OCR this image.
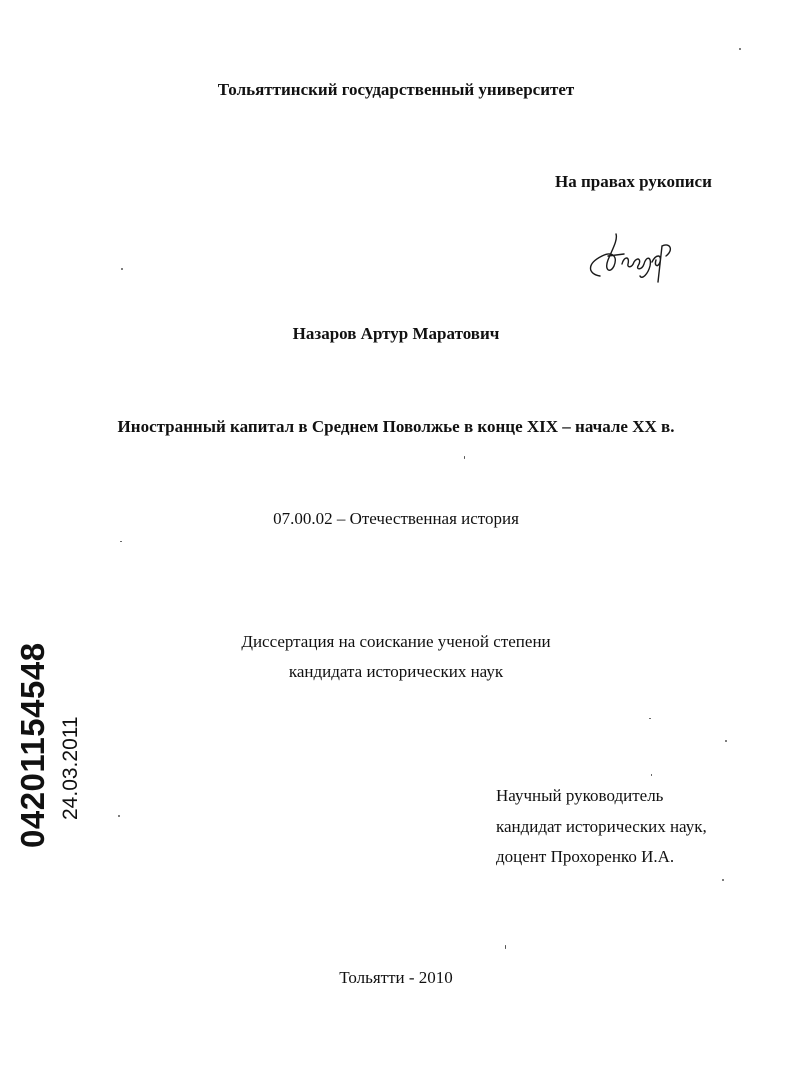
Тольяттинский государственный университет
На правах рукописи
Назаров Артур Маратович
Иностранный капитал в Среднем Поволжье в конце XIX – начале XX в.
07.00.02 – Отечественная история
Диссертация на соискание ученой степени
кандидата исторических наук
Научный руководитель
кандидат исторических наук,
доцент Прохоренко И.А.
Тольятти - 2010
04201154548 24.03.2011
